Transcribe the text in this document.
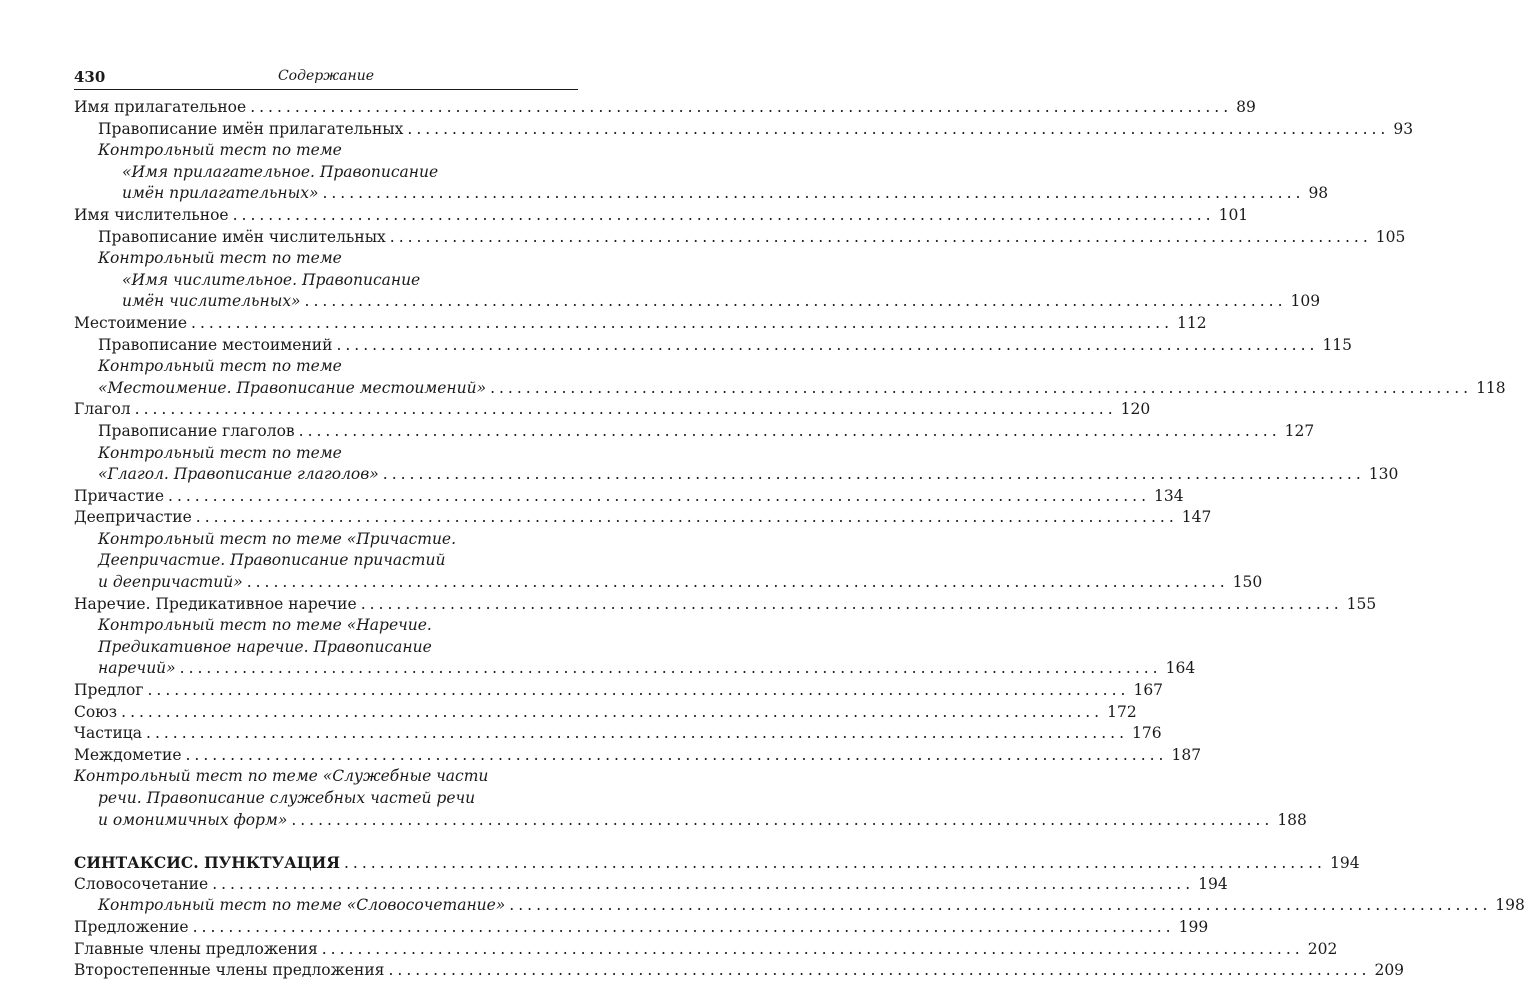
430	Содержание
Имя прилагательное .............................................................................................................. 89
Правописание имён прилагательных .............................................................................................................. 93
Контрольный тест по теме
«Имя прилагательное. Правописание
имён прилагательных» .............................................................................................................. 98
Имя числительное .............................................................................................................. 101
Правописание имён числительных .............................................................................................................. 105
Контрольный тест по теме
«Имя числительное. Правописание
имён числительных» .............................................................................................................. 109
Местоимение .............................................................................................................. 112
Правописание местоимений .............................................................................................................. 115
Контрольный тест по теме
«Местоимение. Правописание местоимений» .............................................................................................................. 118
Глагол .............................................................................................................. 120
Правописание глаголов .............................................................................................................. 127
Контрольный тест по теме
«Глагол. Правописание глаголов» .............................................................................................................. 130
Причастие .............................................................................................................. 134
Деепричастие .............................................................................................................. 147
Контрольный тест по теме «Причастие.
Деепричастие. Правописание причастий
и деепричастий» .............................................................................................................. 150
Наречие. Предикативное наречие .............................................................................................................. 155
Контрольный тест по теме «Наречие.
Предикативное наречие. Правописание
наречий» .............................................................................................................. 164
Предлог .............................................................................................................. 167
Союз .............................................................................................................. 172
Частица .............................................................................................................. 176
Междометие .............................................................................................................. 187
Контрольный тест по теме «Служебные части
речи. Правописание служебных частей речи
и омонимичных форм» .............................................................................................................. 188
СИНТАКСИС. ПУНКТУАЦИЯ .............................................................................................................. 194
Словосочетание .............................................................................................................. 194
Контрольный тест по теме «Словосочетание» .............................................................................................................. 198
Предложение .............................................................................................................. 199
Главные члены предложения .............................................................................................................. 202
Второстепенные члены предложения .............................................................................................................. 209
